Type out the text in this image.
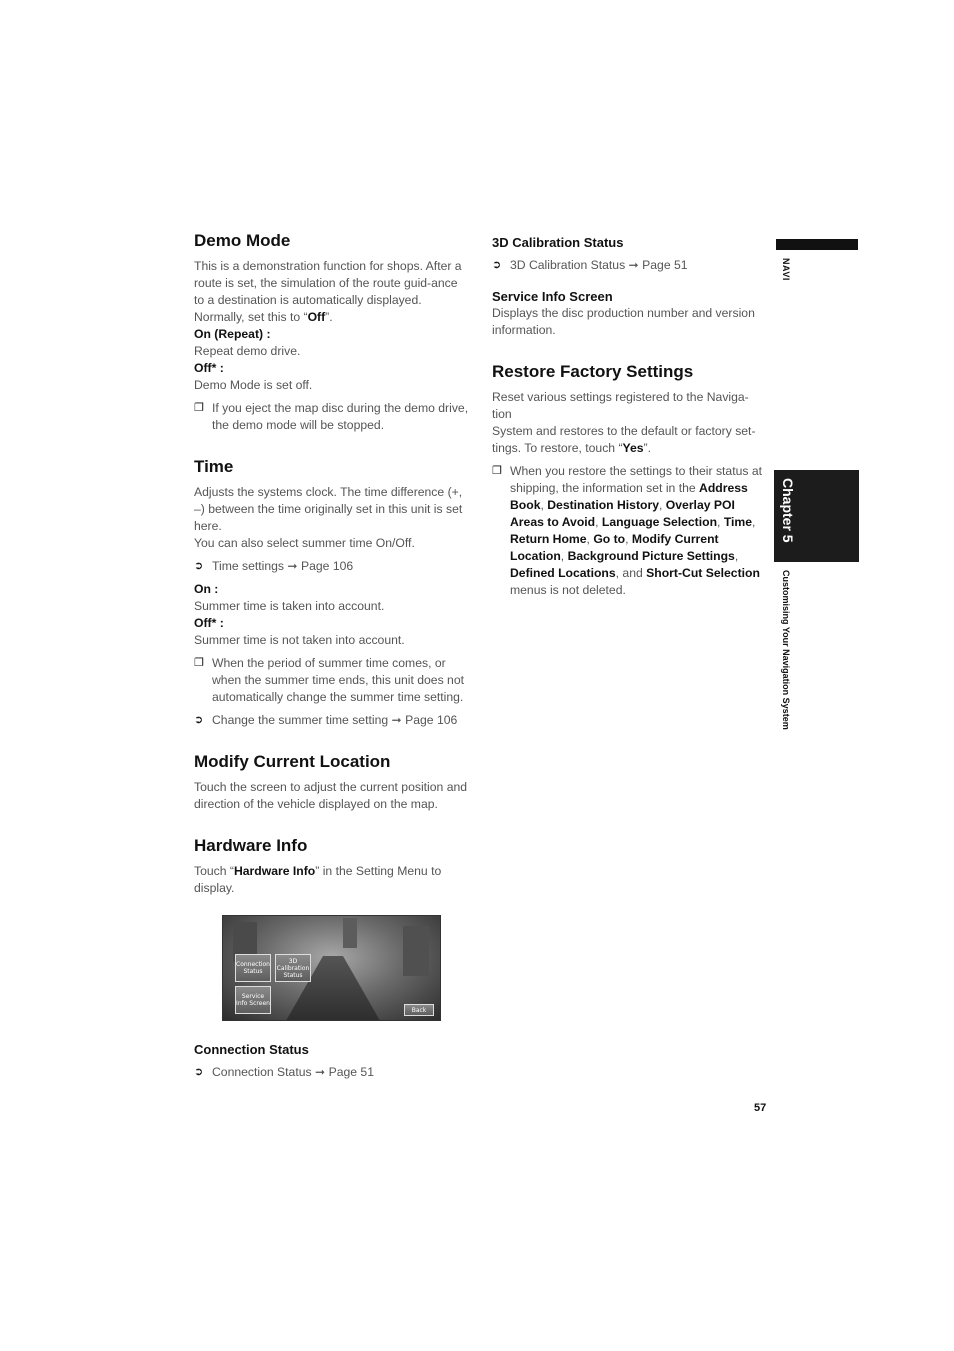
Demo Mode

This is a demonstration function for shops. After a route is set, the simulation of the route guid-ance to a destination is automatically displayed.

Normally, set this to “Off”.

On (Repeat) :

Repeat demo drive.

Off* :

Demo Mode is set off.

❐ If you eject the map disc during the demo drive, the demo mode will be stopped.

Time

Adjusts the systems clock. The time difference (+, –) between the time originally set in this unit is set here.

You can also select summer time On/Off.

➲ Time settings ➞ Page 106

On :

Summer time is taken into account.

Off* :

Summer time is not taken into account.

❐ When the period of summer time comes, or when the summer time ends, this unit does not automatically change the summer time setting.

➲ Change the summer time setting ➞ Page 106

Modify Current Location

Touch the screen to adjust the current position and direction of the vehicle displayed on the map.

Hardware Info

Touch “Hardware Info” in the Setting Menu to display.

Connection Status
3D Calibration Status
Service Info Screen
Back
Connection Status

➲ Connection Status ➞ Page 51

3D Calibration Status

➲ 3D Calibration Status ➞ Page 51

Service Info Screen

Displays the disc production number and version information.

Restore Factory Settings

Reset various settings registered to the Naviga-tion

System and restores to the default or factory set-tings. To restore, touch “Yes”.

❐ When you restore the settings to their status at shipping, the information set in the Address Book, Destination History, Overlay POI Areas to Avoid, Language Selection, Time, Return Home, Go to, Modify Current Location, Background Picture Settings, Defined Locations, and Short-Cut Selection menus is not deleted.

NAVI
Chapter 5
Customising Your Navigation System
57
